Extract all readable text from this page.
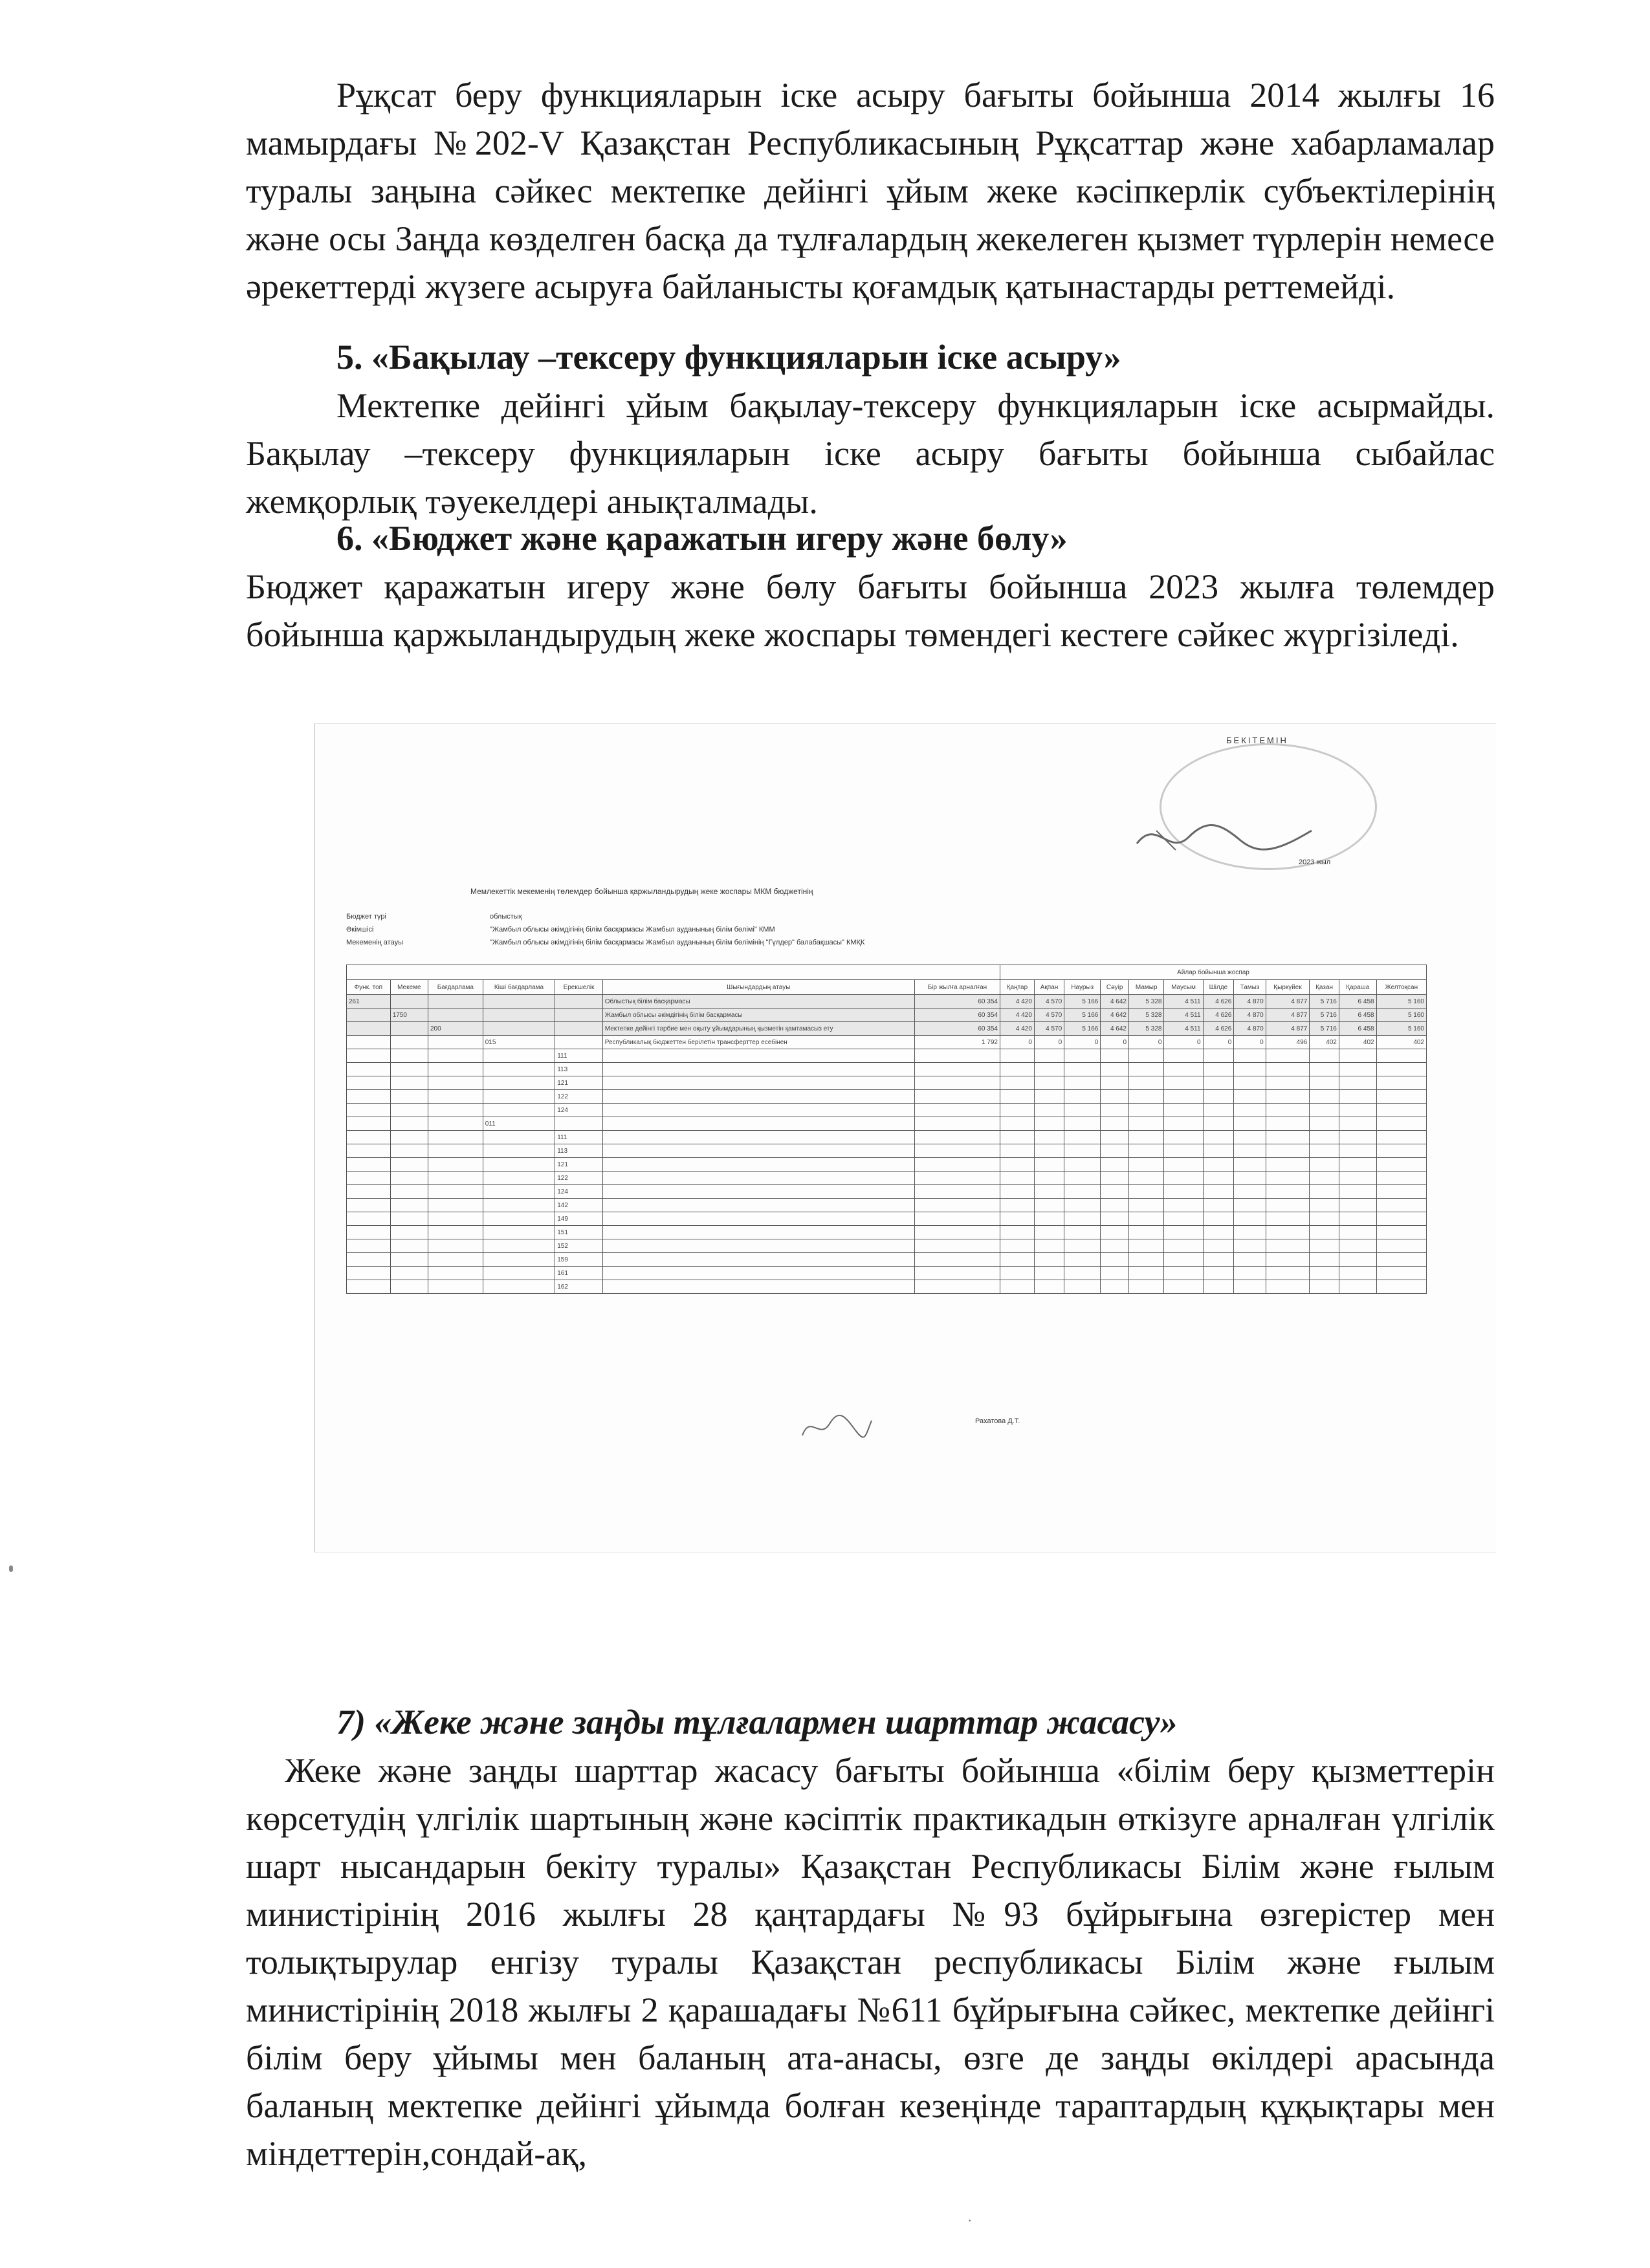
Рұқсат беру функцияларын іске асыру бағыты бойынша 2014 жылғы 16 мамырдағы №202-V Қазақстан Республикасының Рұқсаттар және хабарламалар туралы заңына сәйкес мектепке дейінгі ұйым жеке кәсіпкерлік субъектілерінің және осы Заңда көзделген басқа да тұлғалардың жекелеген қызмет түрлерін немесе әрекеттерді жүзеге асыруға байланысты қоғамдық қатынастарды реттемейді.

5. «Бақылау –тексеру функцияларын іске асыру»

Мектепке дейінгі ұйым бақылау-тексеру функцияларын іске асырмайды. Бақылау –тексеру функцияларын іске асыру бағыты бойынша сыбайлас жемқорлық тәуекелдері анықталмады.

6. «Бюджет және қаражатын игеру және бөлу»

Бюджет қаражатын игеру және бөлу бағыты бойынша 2023 жылға төлемдер бойынша қаржыландырудың жеке жоспары төмендегі кестеге сәйкес жүргізіледі.

БЕКІТЕМІН
2023 жыл
Мемлекеттік мекеменің төлемдер бойынша қаржыландырудың жеке жоспары МКМ бюджетінің
Бюджет түрі	облыстық
Әкімшісі	"Жамбыл облысы әкімдігінің білім басқармасы Жамбыл ауданының білім бөлімі" КММ
Мекеменің атауы	"Жамбыл облысы әкімдігінің білім басқармасы Жамбыл ауданының білім бөлімінің "Гүлдер" балабақшасы" КМҚК
							Айлар бойынша жоспар											
Функ. топ	Мекеме	Бағдарлама	Кіші бағдарлама	Ерекшелік	Шығындардың атауы	Бір жылға арналған	Қаңтар	Ақпан	Наурыз	Сәуір	Мамыр	Маусым	Шілде	Тамыз	Қыркүйек	Қазан	Қараша	Желтоқсан
261					Облыстық білім басқармасы	60 354	4 420	4 570	5 166	4 642	5 328	4 511	4 626	4 870	4 877	5 716	6 458	5 160
	1750				Жамбыл облысы әкімдігінің білім басқармасы	60 354	4 420	4 570	5 166	4 642	5 328	4 511	4 626	4 870	4 877	5 716	6 458	5 160
		200			Мектепке дейінгі тәрбие мен оқыту ұйымдарының қызметін қамтамасыз ету	60 354	4 420	4 570	5 166	4 642	5 328	4 511	4 626	4 870	4 877	5 716	6 458	5 160
			015		Республикалық бюджеттен берілетін трансферттер есебінен	1 792	0	0	0	0	0	0	0	0	496	402	402	402
				111														
				113														
				121														
				122														
				124														
			011															
				111														
				113														
				121														
				122														
				124														
				142														
				149														
				151														
				152														
				159														
				161														
				162														
Рахатова Д.Т.
7) «Жеке және заңды тұлғалармен шарттар жасасу»

Жеке және заңды шарттар жасасу бағыты бойынша «білім беру қызметтерін көрсетудің үлгілік шартының және кәсіптік практикадын өткізуге арналған үлгілік шарт нысандарын бекіту туралы» Қазақстан Республикасы Білім және ғылым министірінің 2016 жылғы 28 қаңтардағы №93 бұйрығына өзгерістер мен толықтырулар енгізу туралы Қазақстан республикасы Білім және ғылым министірінің 2018 жылғы 2 қарашадағы №611 бұйрығына сәйкес, мектепке дейінгі білім беру ұйымы мен баланың ата-анасы, өзге де заңды өкілдері арасында баланың мектепке дейінгі ұйымда болған кезеңінде тараптардың құқықтары мен міндеттерін,сондай-ақ,

·
